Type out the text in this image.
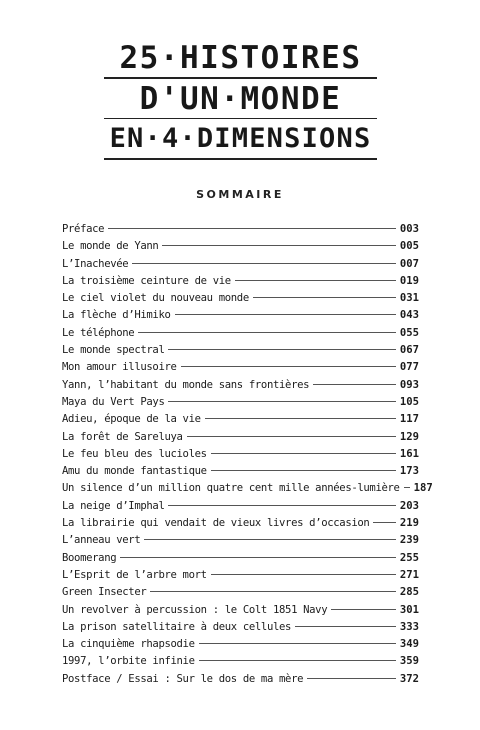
25·HISTOIRES
D'UN·MONDE
EN·4·DIMENSIONS
SOMMAIRE
Préface	003
Le monde de Yann	005
L’Inachevée	007
La troisième ceinture de vie	019
Le ciel violet du nouveau monde	031
La flèche d’Himiko	043
Le téléphone	055
Le monde spectral	067
Mon amour illusoire	077
Yann, l’habitant du monde sans frontières	093
Maya du Vert Pays	105
Adieu, époque de la vie	117
La forêt de Sareluya	129
Le feu bleu des lucioles	161
Amu du monde fantastique	173
Un silence d’un million quatre cent mille années-lumière 187
La neige d’Imphal	203
La librairie qui vendait de vieux livres d’occasion	219
L’anneau vert	239
Boomerang	255
L’Esprit de l’arbre mort	271
Green Insecter	285
Un revolver à percussion : le Colt 1851 Navy	301
La prison satellitaire à deux cellules	333
La cinquième rhapsodie	349
1997, l’orbite infinie	359
Postface / Essai : Sur le dos de ma mère	372
